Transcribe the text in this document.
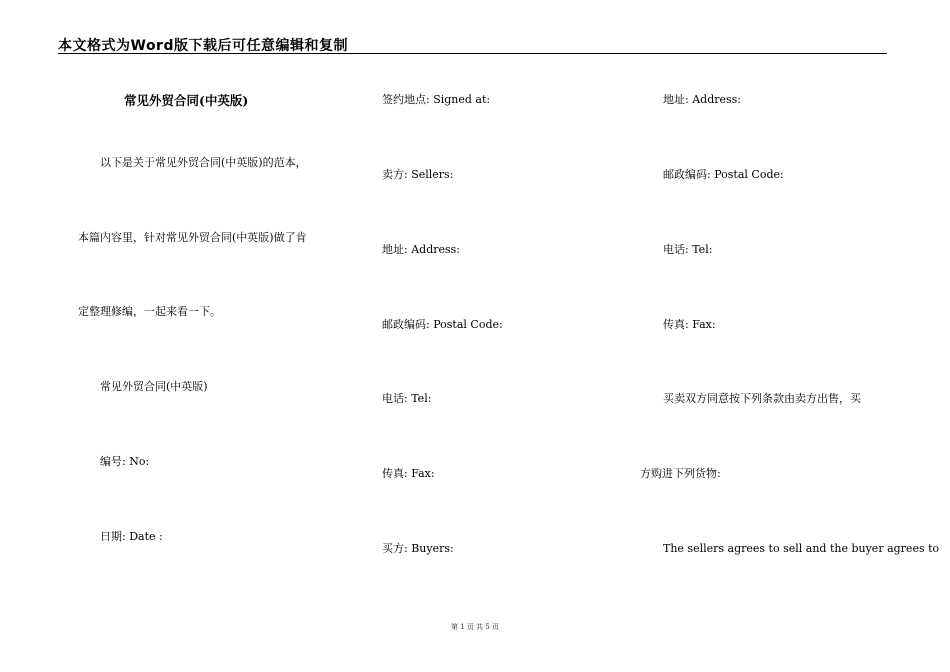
本文格式为Word版下载后可任意编辑和复制
常见外贸合同(中英版)
以下是关于常见外贸合同(中英版)的范本，
本篇内容里，针对常见外贸合同(中英版)做了肯
定整理修编，一起来看一下。
常见外贸合同(中英版)
编号: No:
日期: Date :
签约地点: Signed at:
卖方: Sellers:
地址: Address:
邮政编码: Postal Code:
电话: Tel:
传真: Fax:
买方: Buyers:
地址: Address:
邮政编码: Postal Code:
电话: Tel:
传真: Fax:
买卖双方同意按下列条款由卖方出售，买
方购进下列货物:
The sellers agrees to sell and the buyer agrees to
第 1 页 共 5 页
